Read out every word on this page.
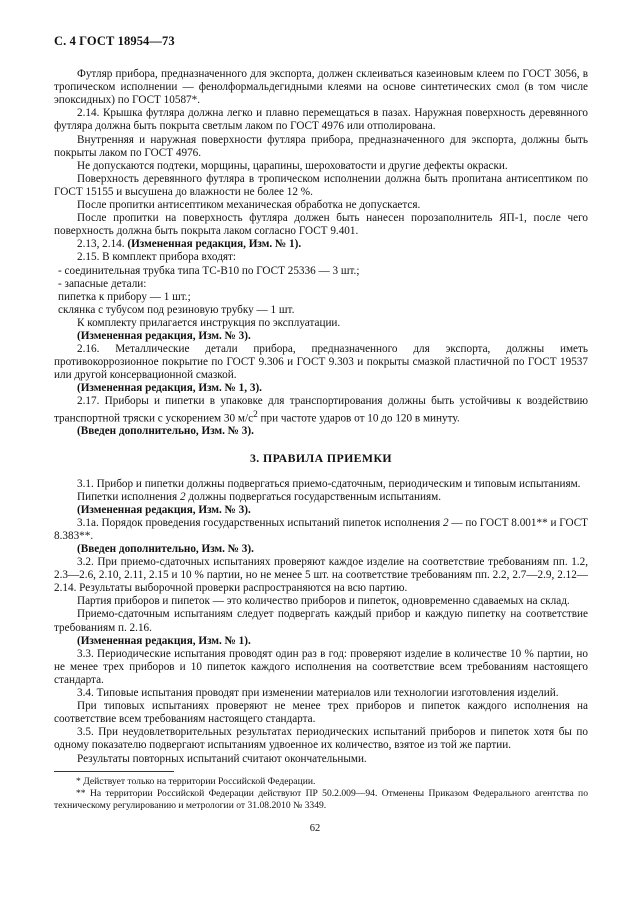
С. 4 ГОСТ 18954—73

Футляр прибора, предназначенного для экспорта, должен склеиваться казеиновым клеем по ГОСТ 3056, в тропическом исполнении — фенолформальдегидными клеями на основе синтетических смол (в том числе эпоксидных) по ГОСТ 10587*.

2.14. Крышка футляра должна легко и плавно перемещаться в пазах. Наружная поверхность деревянного футляра должна быть покрыта светлым лаком по ГОСТ 4976 или отполирована.

Внутренняя и наружная поверхности футляра прибора, предназначенного для экспорта, должны быть покрыты лаком по ГОСТ 4976.

Не допускаются подтеки, морщины, царапины, шероховатости и другие дефекты окраски.

Поверхность деревянного футляра в тропическом исполнении должна быть пропитана антисептиком по ГОСТ 15155 и высушена до влажности не более 12 %.

После пропитки антисептиком механическая обработка не допускается.

После пропитки на поверхность футляра должен быть нанесен порозаполнитель ЯП-1, после чего поверхность должна быть покрыта лаком согласно ГОСТ 9.401.

2.13, 2.14. (Измененная редакция, Изм. № 1).

2.15. В комплект прибора входят:

- соединительная трубка типа ТС-В10 по ГОСТ 25336 — 3 шт.;

- запасные детали:

пипетка к прибору — 1 шт.;

склянка с тубусом под резиновую трубку — 1 шт.

К комплекту прилагается инструкция по эксплуатации.

(Измененная редакция, Изм. № 3).

2.16. Металлические детали прибора, предназначенного для экспорта, должны иметь противокоррозионное покрытие по ГОСТ 9.306 и ГОСТ 9.303 и покрыты смазкой пластичной по ГОСТ 19537 или другой консервационной смазкой.

(Измененная редакция, Изм. № 1, 3).

2.17. Приборы и пипетки в упаковке для транспортирования должны быть устойчивы к воздействию транспортной тряски с ускорением 30 $м/с^2$ при частоте ударов от 10 до 120 в минуту.

(Введен дополнительно, Изм. № 3).

3. ПРАВИЛА ПРИЕМКИ

3.1. Прибор и пипетки должны подвергаться приемо-сдаточным, периодическим и типовым испытаниям.

Пипетки исполнения 2 должны подвергаться государственным испытаниям.

(Измененная редакция, Изм. № 3).

3.1а. Порядок проведения государственных испытаний пипеток исполнения 2 — по ГОСТ 8.001** и ГОСТ 8.383**.

(Введен дополнительно, Изм. № 3).

3.2. При приемо-сдаточных испытаниях проверяют каждое изделие на соответствие требованиям пп. 1.2, 2.3—2.6, 2.10, 2.11, 2.15 и 10 % партии, но не менее 5 шт. на соответствие требованиям пп. 2.2, 2.7—2.9, 2.12—2.14. Результаты выборочной проверки распространяются на всю партию.

Партия приборов и пипеток — это количество приборов и пипеток, одновременно сдаваемых на склад.

Приемо-сдаточным испытаниям следует подвергать каждый прибор и каждую пипетку на соответствие требованиям п. 2.16.

(Измененная редакция, Изм. № 1).

3.3. Периодические испытания проводят один раз в год: проверяют изделие в количестве 10 % партии, но не менее трех приборов и 10 пипеток каждого исполнения на соответствие всем требованиям настоящего стандарта.

3.4. Типовые испытания проводят при изменении материалов или технологии изготовления изделий.

При типовых испытаниях проверяют не менее трех приборов и пипеток каждого исполнения на соответствие всем требованиям настоящего стандарта.

3.5. При неудовлетворительных результатах периодических испытаний приборов и пипеток хотя бы по одному показателю подвергают испытаниям удвоенное их количество, взятое из той же партии.

Результаты повторных испытаний считают окончательными.

* Действует только на территории Российской Федерации.

** На территории Российской Федерации действуют ПР 50.2.009—94. Отменены Приказом Федерального агентства по техническому регулированию и метрологии от 31.08.2010 № 3349.

62
